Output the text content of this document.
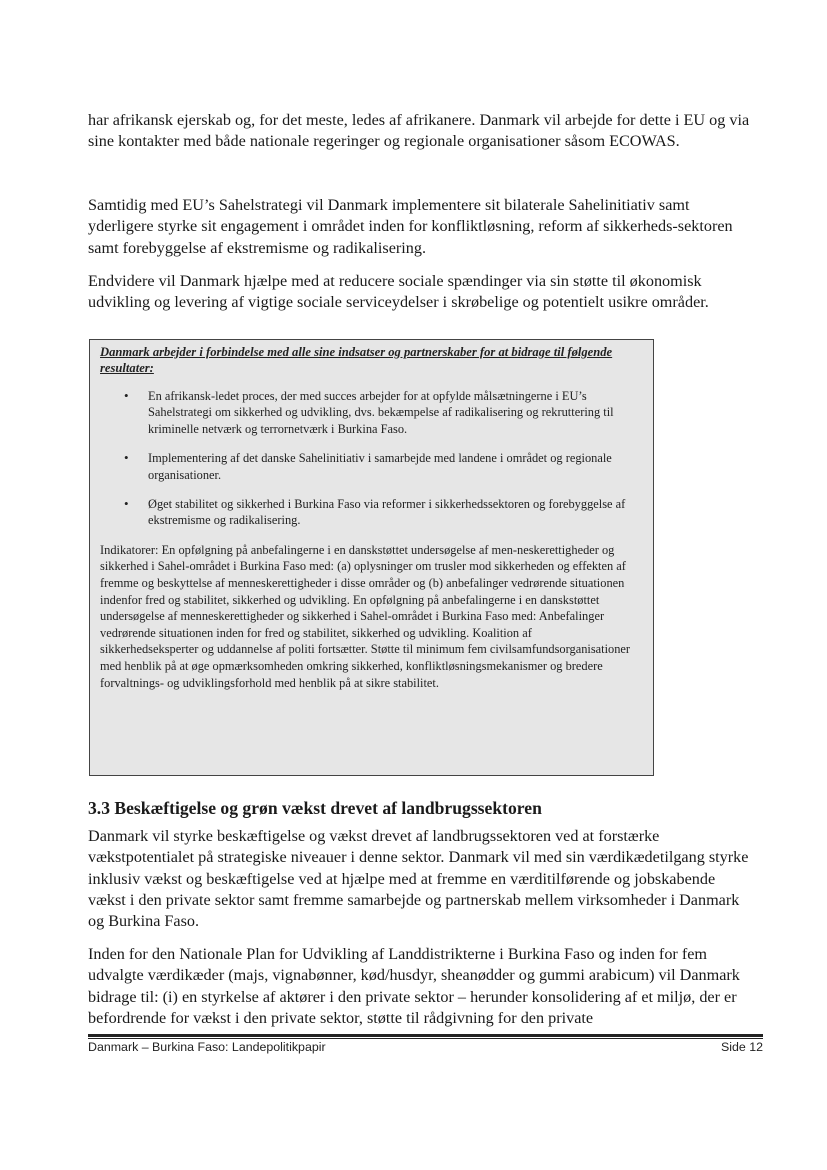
har afrikansk ejerskab og, for det meste, ledes af afrikanere. Danmark vil arbejde for dette i EU og via sine kontakter med både nationale regeringer og regionale organisationer såsom ECOWAS.

Samtidig med EU’s Sahelstrategi vil Danmark implementere sit bilaterale Sahelinitiativ samt yderligere styrke sit engagement i området inden for konfliktløsning, reform af sikkerheds-sektoren samt forebyggelse af ekstremisme og radikalisering.

Endvidere vil Danmark hjælpe med at reducere sociale spændinger via sin støtte til økonomisk udvikling og levering af vigtige sociale serviceydelser i skrøbelige og potentielt usikre områder.

Danmark arbejder i forbindelse med alle sine indsatser og partnerskaber for at bidrage til følgende resultater:

• En afrikansk-ledet proces, der med succes arbejder for at opfylde målsætningerne i EU’s Sahelstrategi om sikkerhed og udvikling, dvs. bekæmpelse af radikalisering og rekruttering til kriminelle netværk og terrornetværk i Burkina Faso.
• Implementering af det danske Sahelinitiativ i samarbejde med landene i området og regionale organisationer.
• Øget stabilitet og sikkerhed i Burkina Faso via reformer i sikkerhedssektoren og forebyggelse af ekstremisme og radikalisering.

Indikatorer: En opfølgning på anbefalingerne i en danskstøttet undersøgelse af men-neskerettigheder og sikkerhed i Sahel-området i Burkina Faso med: (a) oplysninger om trusler mod sikkerheden og effekten af fremme og beskyttelse af menneskerettigheder i disse områder og (b) anbefalinger vedrørende situationen indenfor fred og stabilitet, sikkerhed og udvikling. En opfølgning på anbefalingerne i en danskstøttet undersøgelse af menneskerettigheder og sikkerhed i Sahel-området i Burkina Faso med: Anbefalinger vedrørende situationen inden for fred og stabilitet, sikkerhed og udvikling. Koalition af sikkerhedseksperter og uddannelse af politi fortsætter. Støtte til minimum fem civilsamfundsorganisationer med henblik på at øge opmærksomheden omkring sikkerhed, konfliktløsningsmekanismer og bredere forvaltnings- og udviklingsforhold med henblik på at sikre stabilitet.

3.3 Beskæftigelse og grøn vækst drevet af landbrugssektoren

Danmark vil styrke beskæftigelse og vækst drevet af landbrugssektoren ved at forstærke vækstpotentialet på strategiske niveauer i denne sektor. Danmark vil med sin værdikædetilgang styrke inklusiv vækst og beskæftigelse ved at hjælpe med at fremme en værditilførende og jobskabende vækst i den private sektor samt fremme samarbejde og partnerskab mellem virksomheder i Danmark og Burkina Faso.

Inden for den Nationale Plan for Udvikling af Landdistrikterne i Burkina Faso og inden for fem udvalgte værdikæder (majs, vignabønner, kød/husdyr, sheanødder og gummi arabicum) vil Danmark bidrage til: (i) en styrkelse af aktører i den private sektor – herunder konsolidering af et miljø, der er befordrende for vækst i den private sektor, støtte til rådgivning for den private

Danmark – Burkina Faso: Landepolitikpapir	Side 12
